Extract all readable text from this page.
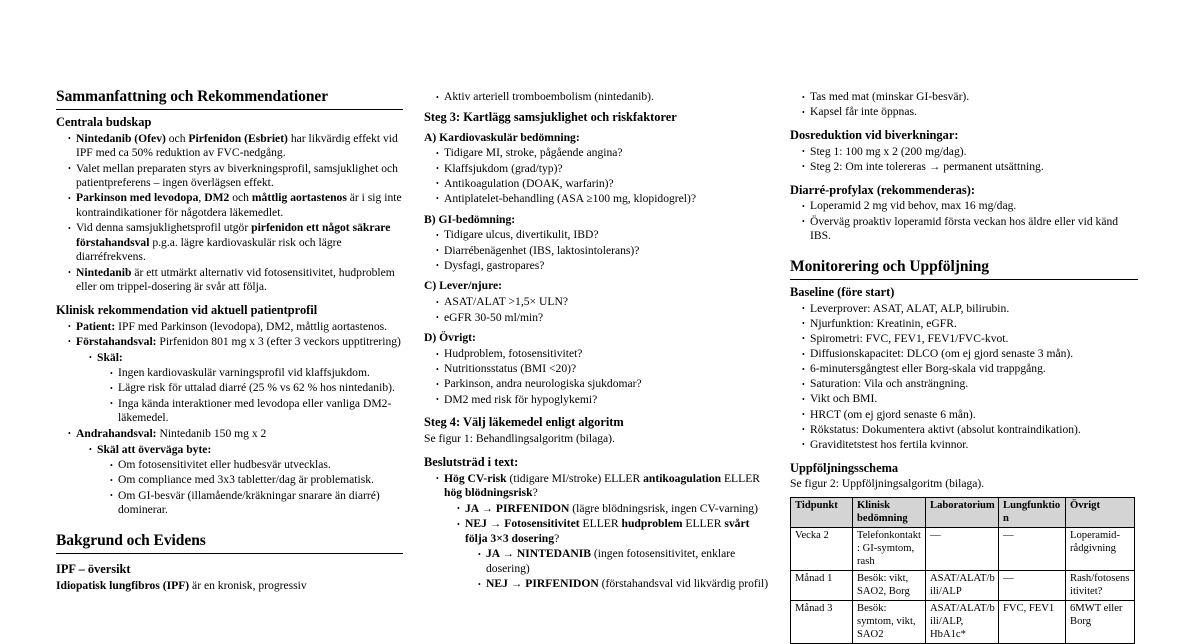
Sammanfattning och Rekommendationer
Centrala budskap
• Nintedanib (Ofev) och Pirfenidon (Esbriet) har likvärdig effekt vid IPF med ca 50% reduktion av FVC-nedgång.
• Valet mellan preparaten styrs av biverkningsprofil, samsjuklighet och patientpreferens – ingen överlägsen effekt.
• Parkinson med levodopa, DM2 och måttlig aortastenos är i sig inte kontraindikationer för någotdera läkemedlet.
• Vid denna samsjuklighetsprofil utgör pirfenidon ett något säkrare förstahandsval p.g.a. lägre kardiovaskulär risk och lägre diarréfrekvens.
• Nintedanib är ett utmärkt alternativ vid fotosensitivitet, hudproblem eller om trippel-dosering är svår att följa.
Klinisk rekommendation vid aktuell patientprofil
• Patient: IPF med Parkinson (levodopa), DM2, måttlig aortastenos.
• Förstahandsval: Pirfenidon 801 mg x 3 (efter 3 veckors upptitrering)
• Skäl:
• Ingen kardiovaskulär varningsprofil vid klaffsjukdom.
• Lägre risk för uttalad diarré (25 % vs 62 % hos nintedanib).
• Inga kända interaktioner med levodopa eller vanliga DM2-läkemedel.
• Andrahandsval: Nintedanib 150 mg x 2
• Skäl att överväga byte:
• Om fotosensitivitet eller hudbesvär utvecklas.
• Om compliance med 3x3 tabletter/dag är problematisk.
• Om GI-besvär (illamående/kräkningar snarare än diarré) dominerar.
Bakgrund och Evidens
IPF – översikt

Idiopatisk lungfibros (IPF) är en kronisk, progressiv

• Aktiv arteriell tromboembolism (nintedanib).
Steg 3: Kartlägg samsjuklighet och riskfaktorer
A) Kardiovaskulär bedömning:
• Tidigare MI, stroke, pågående angina?
• Klaffsjukdom (grad/typ)?
• Antikoagulation (DOAK, warfarin)?
• Antiplatelet-behandling (ASA ≥100 mg, klopidogrel)?
B) GI-bedömning:
• Tidigare ulcus, divertikulit, IBD?
• Diarrébenägenhet (IBS, laktosintolerans)?
• Dysfagi, gastropares?
C) Lever/njure:
• ASAT/ALAT >1,5× ULN?
• eGFR 30-50 ml/min?
D) Övrigt:
• Hudproblem, fotosensitivitet?
• Nutritionsstatus (BMI <20)?
• Parkinson, andra neurologiska sjukdomar?
• DM2 med risk för hypoglykemi?
Steg 4: Välj läkemedel enligt algoritm

Se figur 1: Behandlingsalgoritm (bilaga).

Beslutsträd i text:
• Hög CV-risk (tidigare MI/stroke) ELLER antikoagulation ELLER hög blödningsrisk?
• JA → PIRFENIDON (lägre blödningsrisk, ingen CV-varning)
• NEJ → Fotosensitivitet ELLER hudproblem ELLER svårt följa 3×3 dosering?
• JA → NINTEDANIB (ingen fotosensitivitet, enklare dosering)
• NEJ → PIRFENIDON (förstahandsval vid likvärdig profil)
• Tas med mat (minskar GI-besvär).
• Kapsel får inte öppnas.
Dosreduktion vid biverkningar:
• Steg 1: 100 mg x 2 (200 mg/dag).
• Steg 2: Om inte tolereras → permanent utsättning.
Diarré-profylax (rekommenderas):
• Loperamid 2 mg vid behov, max 16 mg/dag.
• Överväg proaktiv loperamid första veckan hos äldre eller vid känd IBS.
Monitorering och Uppföljning
Baseline (före start)
• Leverprover: ASAT, ALAT, ALP, bilirubin.
• Njurfunktion: Kreatinin, eGFR.
• Spirometri: FVC, FEV1, FEV1/FVC-kvot.
• Diffusionskapacitet: DLCO (om ej gjord senaste 3 mån).
• 6-minutersgångtest eller Borg-skala vid trappgång.
• Saturation: Vila och ansträngning.
• Vikt och BMI.
• HRCT (om ej gjord senaste 6 mån).
• Rökstatus: Dokumentera aktivt (absolut kontraindikation).
• Graviditetstest hos fertila kvinnor.
Uppföljningsschema

Se figur 2: Uppföljningsalgoritm (bilaga).

Tidpunkt	Klinisk bedömning	Laboratorium	Lungfunktion	Övrigt
Vecka 2	Telefonkontakt: GI-symtom, rash	—	—	Loperamid-rådgivning
Månad 1	Besök: vikt, SAO2, Borg	ASAT/ALAT/bili/ALP	—	Rash/fotosensitivitet?
Månad 3	Besök: symtom, vikt, SAO2	ASAT/ALAT/bili/ALP, HbA1c*	FVC, FEV1	6MWT eller Borg
